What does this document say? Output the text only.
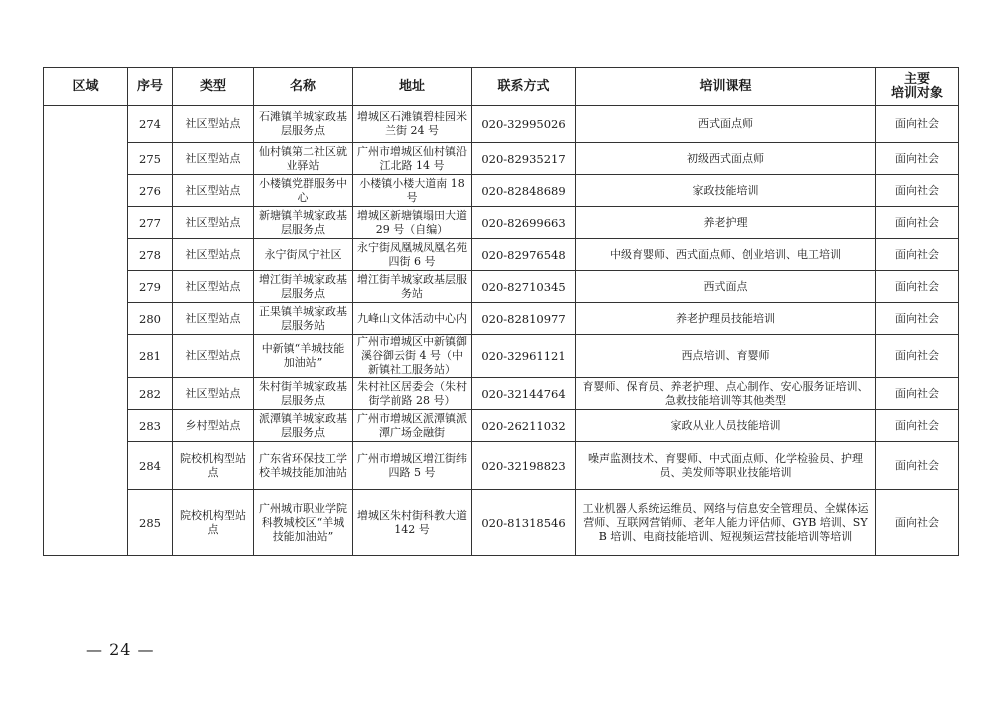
区域	序号	类型	名称	地址	联系方式	培训课程	主要
培训对象
	274	社区型站点	石滩镇羊城家政基层服务点	增城区石滩镇碧桂园米兰街 24 号	020-32995026	西式面点师	面向社会
	275	社区型站点	仙村镇第二社区就业驿站	广州市增城区仙村镇沿江北路 14 号	020-82935217	初级西式面点师	面向社会
	276	社区型站点	小楼镇党群服务中心	小楼镇小楼大道南 18 号	020-82848689	家政技能培训	面向社会
	277	社区型站点	新塘镇羊城家政基层服务点	增城区新塘镇塌田大道 29 号（自编）	020-82699663	养老护理	面向社会
	278	社区型站点	永宁街凤宁社区	永宁街凤凰城凤凰名苑四街 6 号	020-82976548	中级育婴师、西式面点师、创业培训、电工培训	面向社会
	279	社区型站点	增江街羊城家政基层服务点	增江街羊城家政基层服务站	020-82710345	西式面点	面向社会
	280	社区型站点	正果镇羊城家政基层服务站	九峰山文体活动中心内	020-82810977	养老护理员技能培训	面向社会
	281	社区型站点	中新镇“羊城技能加油站”	广州市增城区中新镇御溪谷御云街 4 号（中新镇社工服务站）	020-32961121	西点培训、育婴师	面向社会
	282	社区型站点	朱村街羊城家政基层服务点	朱村社区居委会（朱村街学前路 28 号）	020-32144764	育婴师、保育员、养老护理、点心制作、安心服务证培训、急救技能培训等其他类型	面向社会
	283	乡村型站点	派潭镇羊城家政基层服务点	广州市增城区派潭镇派潭广场金融街	020-26211032	家政从业人员技能培训	面向社会
	284	院校机构型站点	广东省环保技工学校羊城技能加油站	广州市增城区增江街纬四路 5 号	020-32198823	噪声监测技术、育婴师、中式面点师、化学检验员、护理员、美发师等职业技能培训	面向社会
	285	院校机构型站点	广州城市职业学院科教城校区“羊城技能加油站”	增城区朱村街科教大道 142 号	020-81318546	工业机器人系统运维员、网络与信息安全管理员、全媒体运营师、互联网营销师、老年人能力评估师、GYB 培训、SYB 培训、电商技能培训、短视频运营技能培训等培训	面向社会
— 24 —
